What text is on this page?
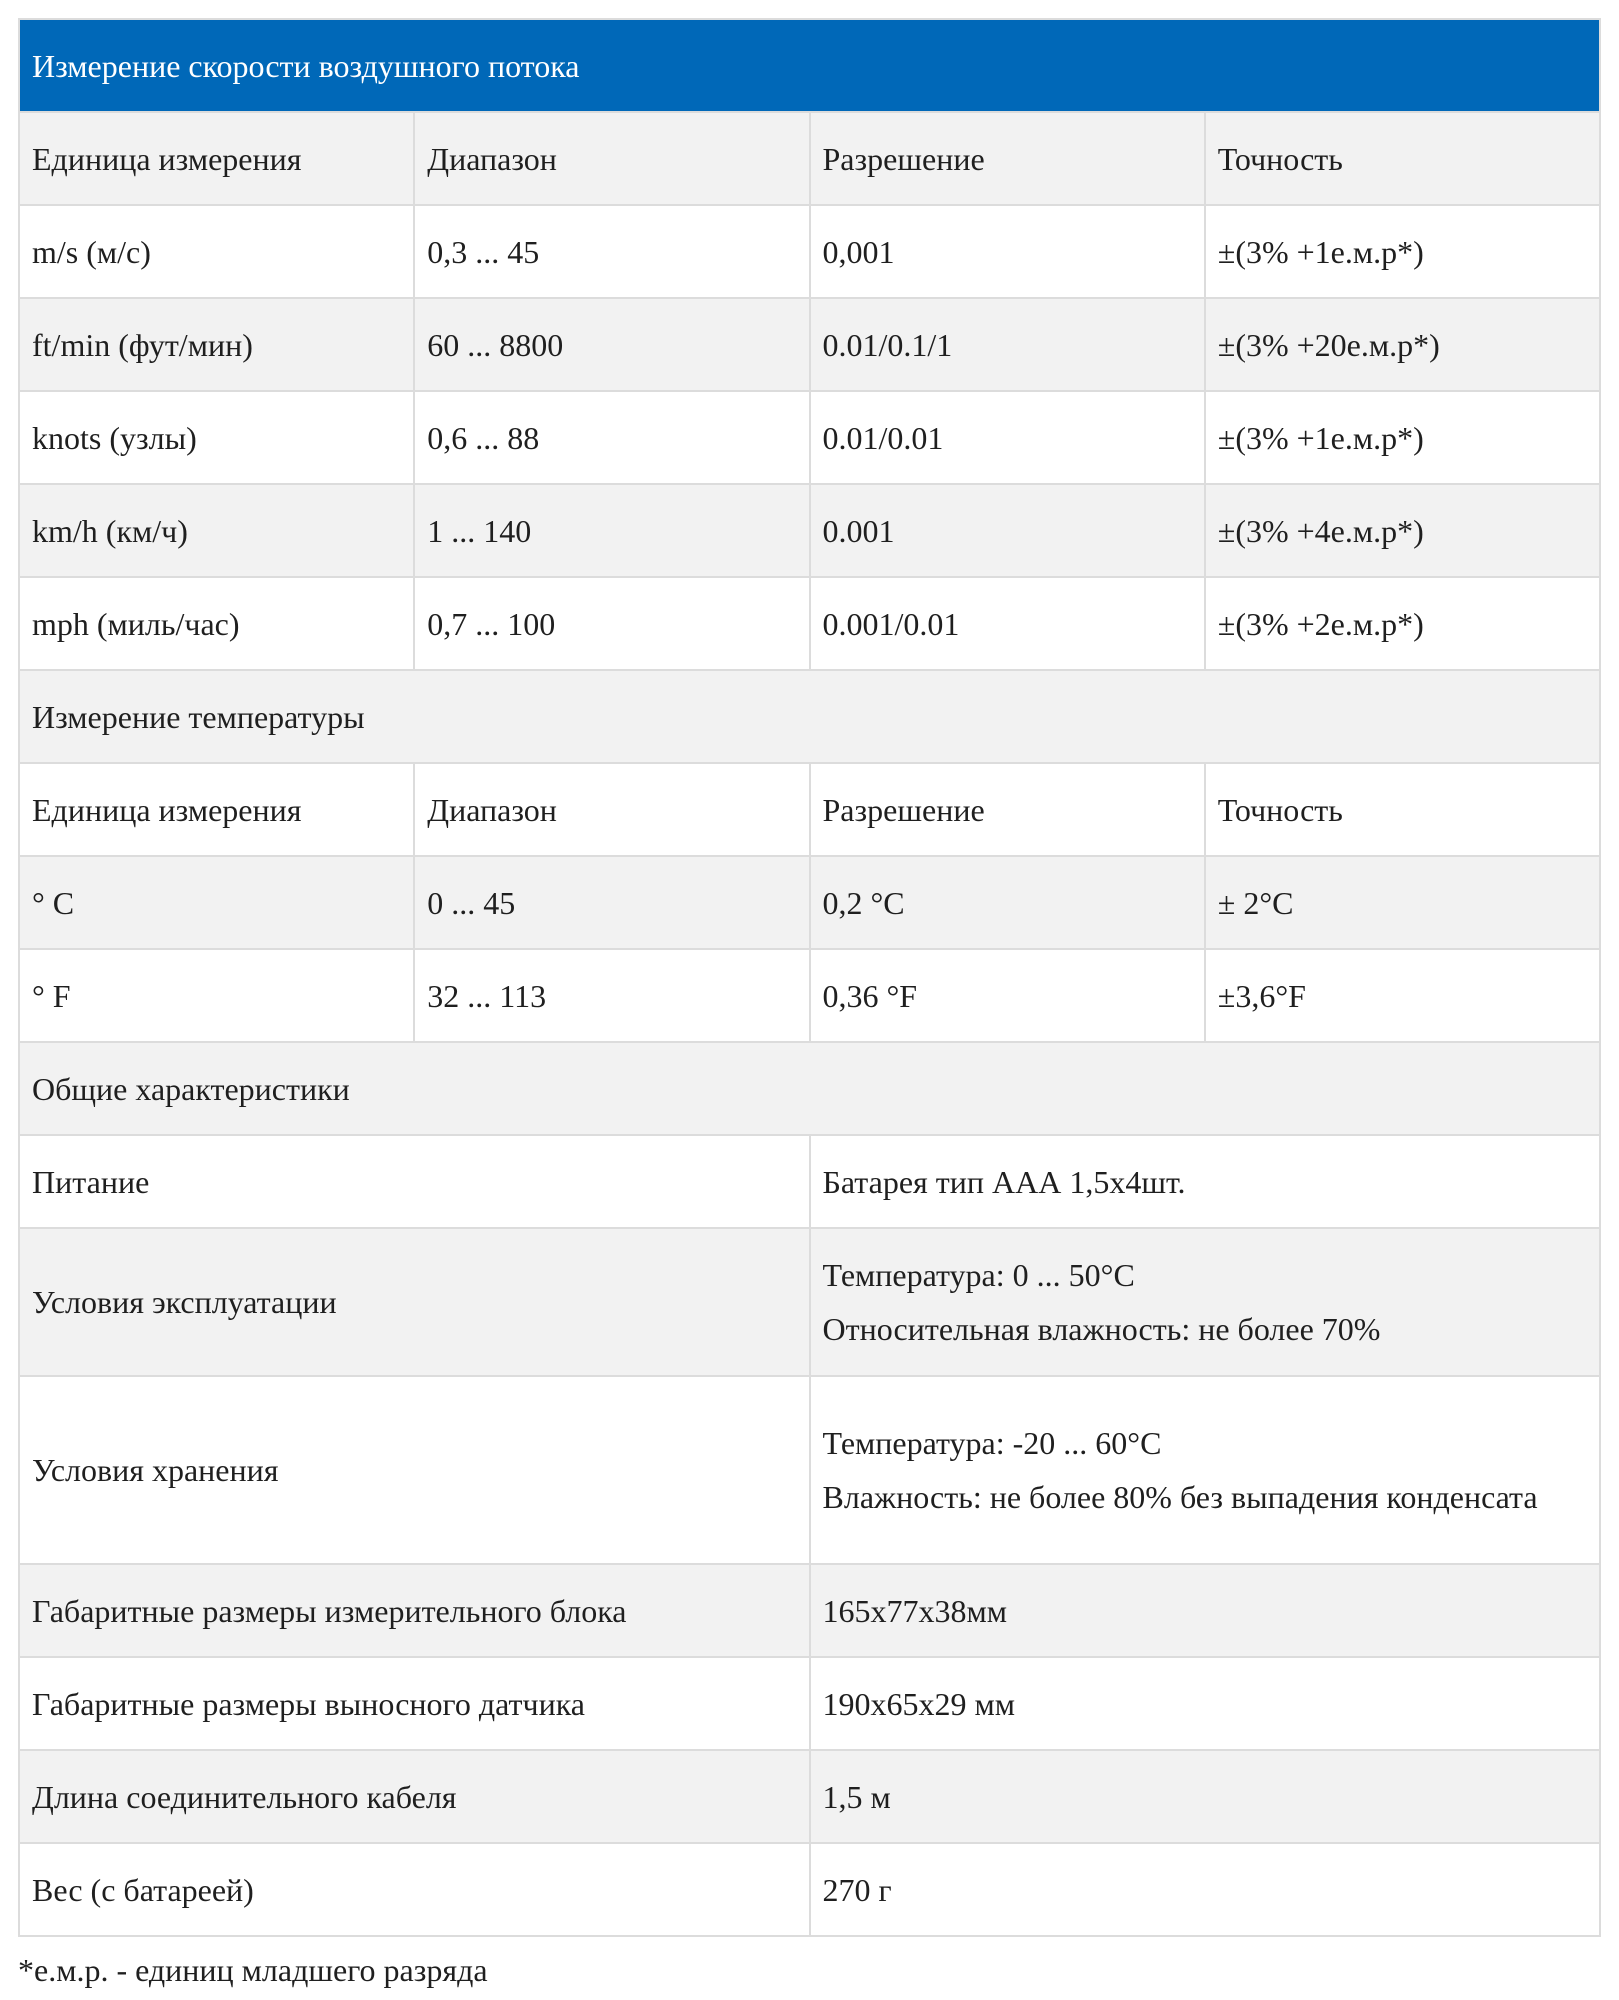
Измерение скорости воздушного потока			
Единица измерения	Диапазон	Разрешение	Точность
m/s (м/с)	0,3 ... 45	0,001	±(3% +1е.м.р*)
ft/min (фут/мин)	60 ... 8800	0.01/0.1/1	±(3% +20е.м.р*)
knots (узлы)	0,6 ... 88	0.01/0.01	±(3% +1е.м.р*)
km/h (км/ч)	1 ... 140	0.001	±(3% +4е.м.р*)
mph (миль/час)	0,7 ... 100	0.001/0.01	±(3% +2е.м.р*)
Измерение температуры			
Единица измерения	Диапазон	Разрешение	Точность
° C	0 ... 45	0,2 °C	± 2°C
° F	32 ... 113	0,36 °F	±3,6°F
Общие характеристики			
Питание		Батарея тип ААА 1,5х4шт.	

Условия эксплуатации		Температура: 0 ... 50°C
Относительная влажность: не более 70%	

Условия хранения		Температура: -20 ... 60°C
Влажность: не более 80% без выпадения конденсата	

Габаритные размеры измерительного блока		165х77х38мм	

Габаритные размеры выносного датчика		190х65х29 мм	

Длина соединительного кабеля		1,5 м	

Вес (с батареей)		270 г	
*е.м.р. - единиц младшего разряда
